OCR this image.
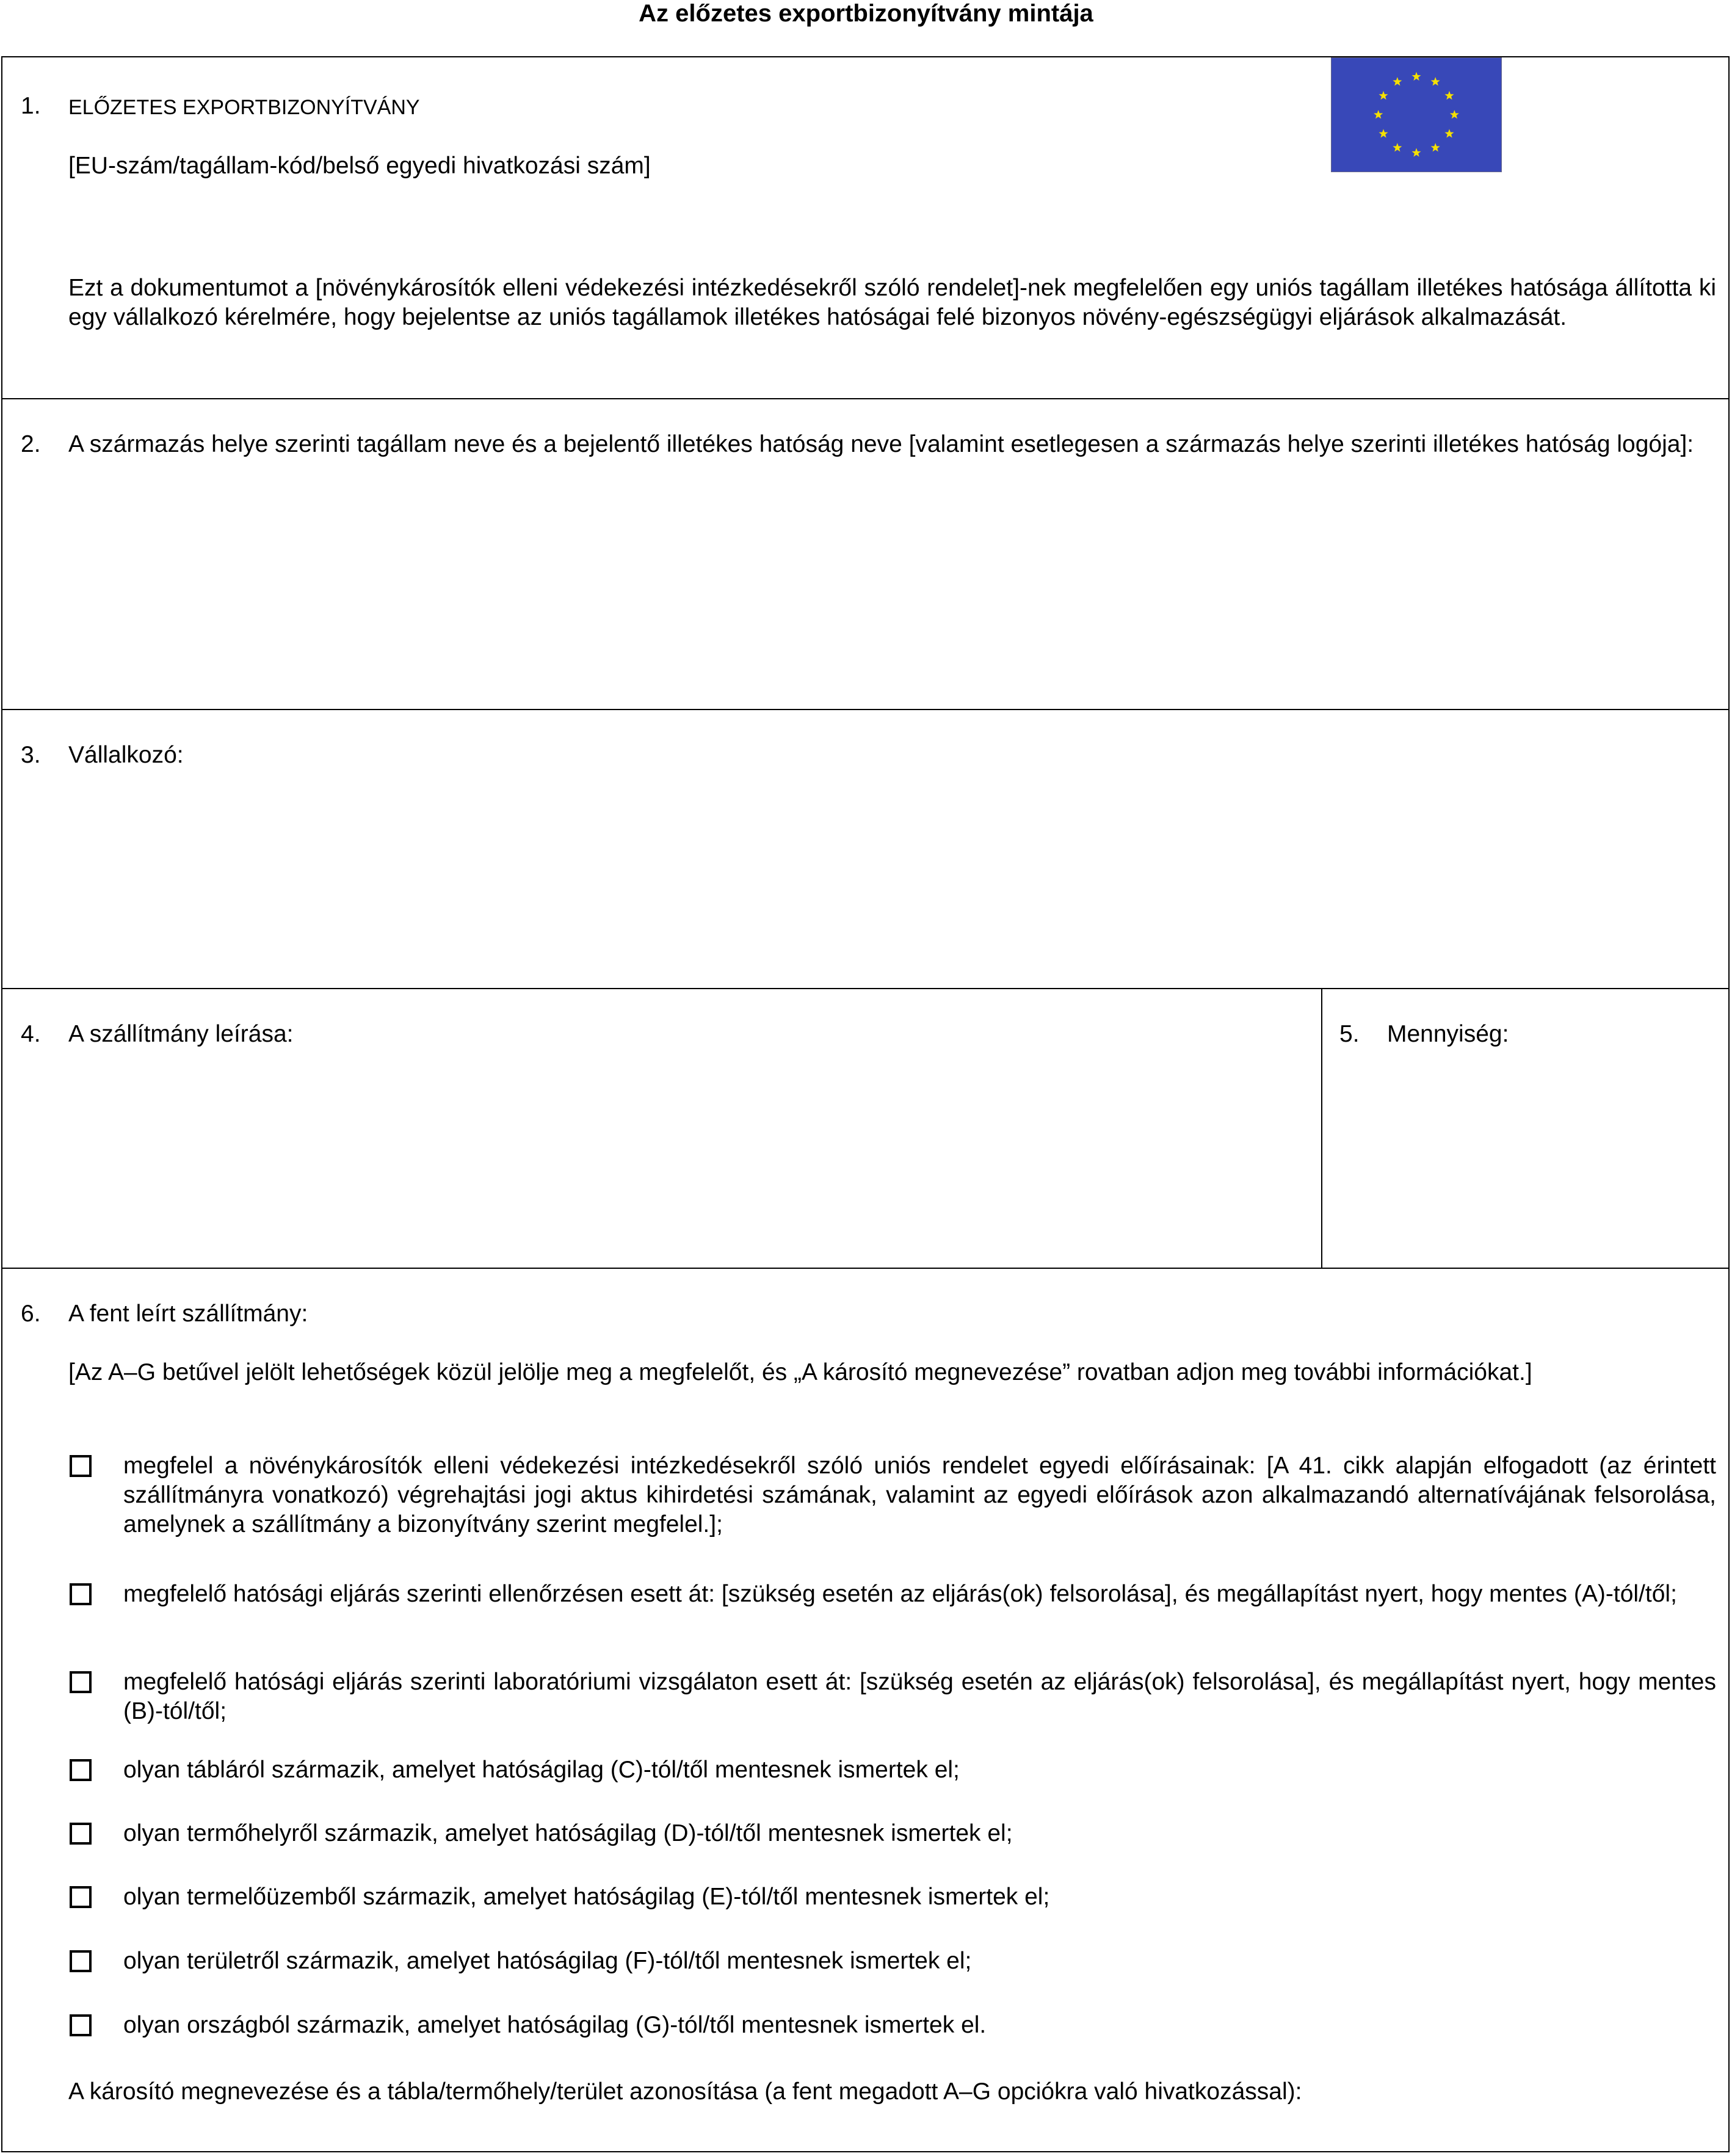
Az előzetes exportbizonyítvány mintája
1. ELŐZETES EXPORTBIZONYÍTVÁNY
[EU-szám/tagállam-kód/belső egyedi hivatkozási szám]
Ezt a dokumentumot a [növénykárosítók elleni védekezési intézkedésekről szóló rendelet]-nek megfelelően egy uniós tagállam illetékes hatósága állította ki egy vállalkozó kérelmére, hogy bejelentse az uniós tagállamok illetékes hatóságai felé bizonyos növény-egészségügyi eljárások alkalmazását.
2. A származás helye szerinti tagállam neve és a bejelentő illetékes hatóság neve [valamint esetlegesen a származás helye szerinti illetékes hatóság logója]:
3. Vállalkozó:
4. A szállítmány leírása:	5. Mennyiség:
6. A fent leírt szállítmány:
[Az A–G betűvel jelölt lehetőségek közül jelölje meg a megfelelőt, és „A károsító megnevezése” rovatban adjon meg további információkat.]
megfelel a növénykárosítók elleni védekezési intézkedésekről szóló uniós rendelet egyedi előírásainak: [A 41. cikk alapján elfogadott (az érintett szállítmányra vonatkozó) végrehajtási jogi aktus kihirdetési számának, valamint az egyedi előírások azon alkalmazandó alternatívájának felsorolása, amelynek a szállítmány a bizonyítvány szerint megfelel.];
megfelelő hatósági eljárás szerinti ellenőrzésen esett át: [szükség esetén az eljárás(ok) felsorolása], és megállapítást nyert, hogy mentes (A)-tól/től;
megfelelő hatósági eljárás szerinti laboratóriumi vizsgálaton esett át: [szükség esetén az eljárás(ok) felsorolása], és megállapítást nyert, hogy mentes (B)-tól/től;
olyan tábláról származik, amelyet hatóságilag (C)-tól/től mentesnek ismertek el;
olyan termőhelyről származik, amelyet hatóságilag (D)-tól/től mentesnek ismertek el;
olyan termelőüzemből származik, amelyet hatóságilag (E)-tól/től mentesnek ismertek el;
olyan területről származik, amelyet hatóságilag (F)-tól/től mentesnek ismertek el;
olyan országból származik, amelyet hatóságilag (G)-tól/től mentesnek ismertek el.
A károsító megnevezése és a tábla/termőhely/terület azonosítása (a fent megadott A–G opciókra való hivatkozással):
